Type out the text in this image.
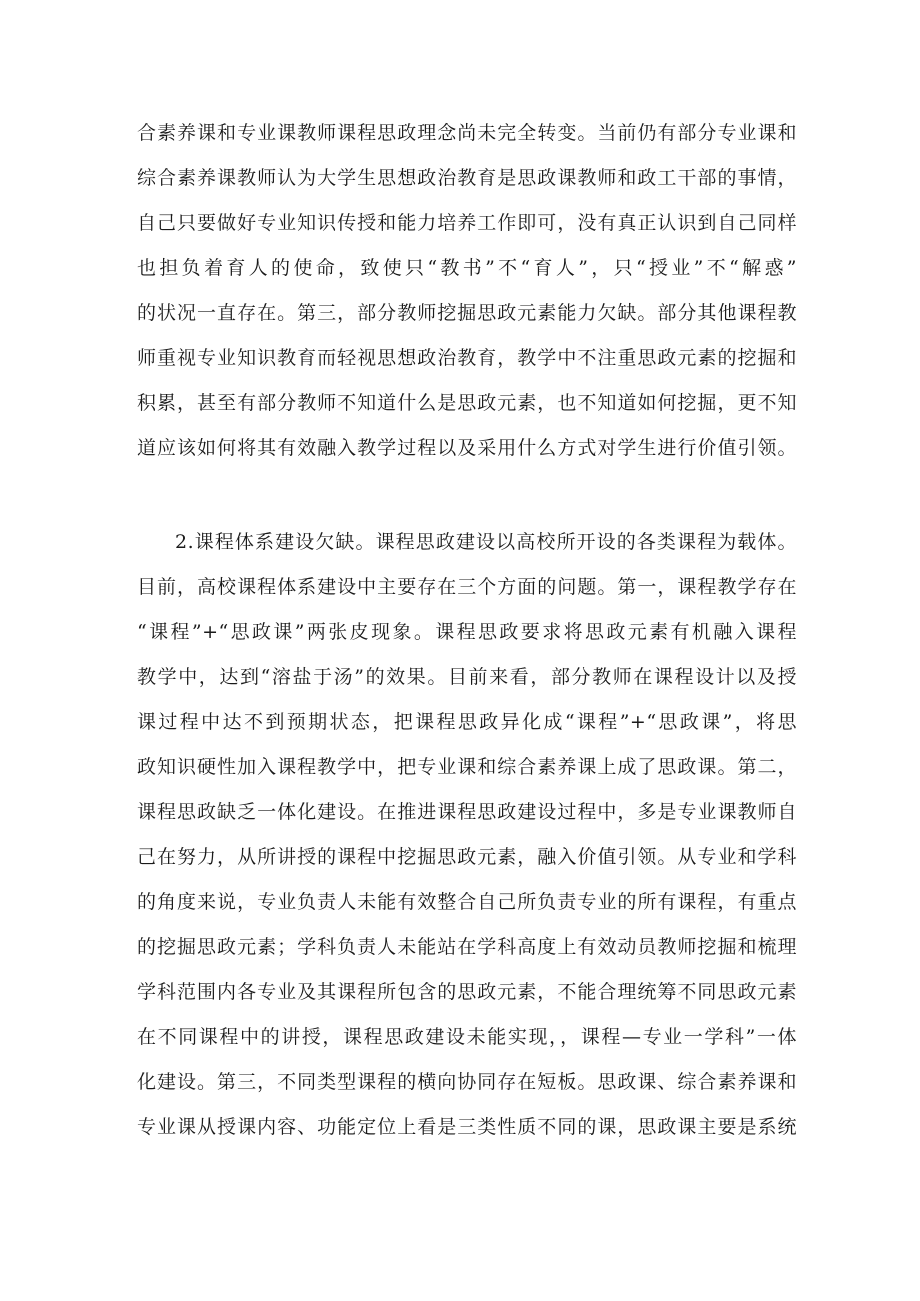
合素养课和专业课教师课程思政理念尚未完全转变。当前仍有部分专业课和
综合素养课教师认为大学生思想政治教育是思政课教师和政工干部的事情，
自己只要做好专业知识传授和能力培养工作即可，没有真正认识到自己同样
也担负着育人的使命，致使只“教书”不“育人”，只“授业”不“解惑”
的状况一直存在。第三，部分教师挖掘思政元素能力欠缺。部分其他课程教
师重视专业知识教育而轻视思想政治教育，教学中不注重思政元素的挖掘和
积累，甚至有部分教师不知道什么是思政元素，也不知道如何挖掘，更不知
道应该如何将其有效融入教学过程以及采用什么方式对学生进行价值引领。
2.课程体系建设欠缺。课程思政建设以高校所开设的各类课程为载体。
目前，高校课程体系建设中主要存在三个方面的问题。第一，课程教学存在
“课程”+“思政课”两张皮现象。课程思政要求将思政元素有机融入课程
教学中，达到“溶盐于汤”的效果。目前来看，部分教师在课程设计以及授
课过程中达不到预期状态，把课程思政异化成“课程”+“思政课”，将思
政知识硬性加入课程教学中，把专业课和综合素养课上成了思政课。第二，
课程思政缺乏一体化建设。在推进课程思政建设过程中，多是专业课教师自
己在努力，从所讲授的课程中挖掘思政元素，融入价值引领。从专业和学科
的角度来说，专业负责人未能有效整合自己所负责专业的所有课程，有重点
的挖掘思政元素；学科负责人未能站在学科高度上有效动员教师挖掘和梳理
学科范围内各专业及其课程所包含的思政元素，不能合理统筹不同思政元素
在不同课程中的讲授，课程思政建设未能实现，，课程—专业一学科”一体
化建设。第三，不同类型课程的横向协同存在短板。思政课、综合素养课和
专业课从授课内容、功能定位上看是三类性质不同的课，思政课主要是系统
